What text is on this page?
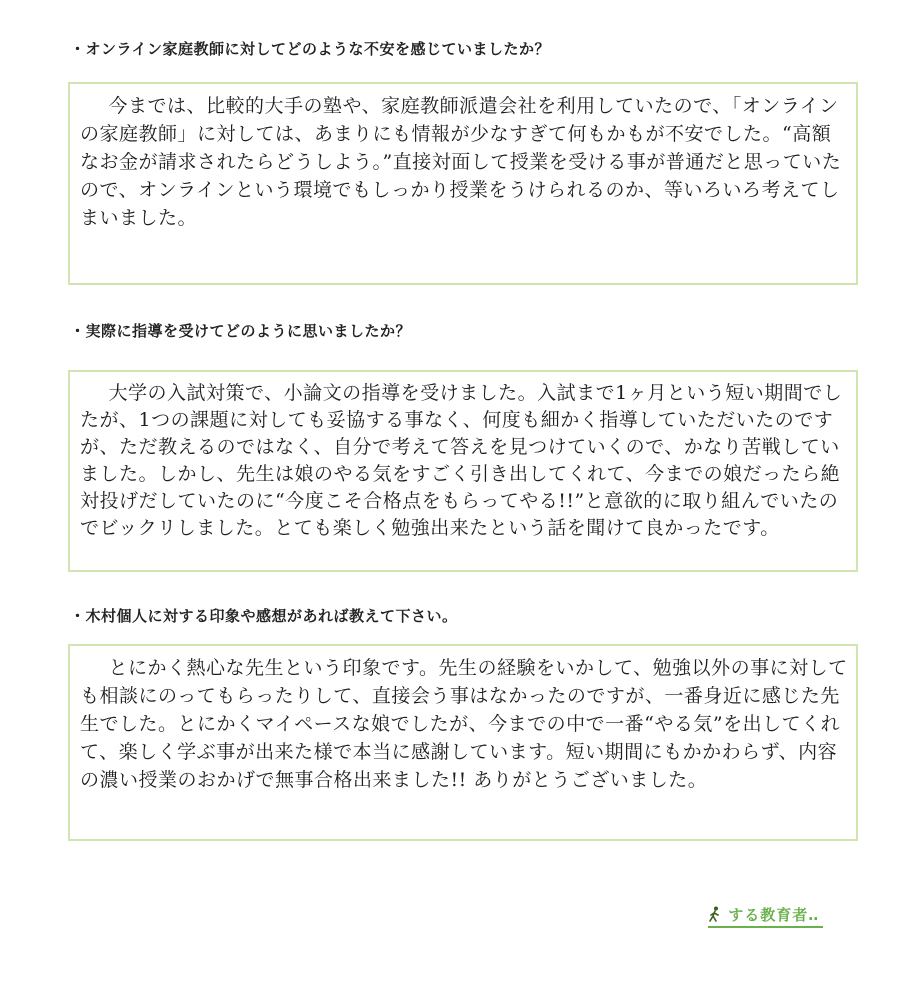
・オンライン家庭教師に対してどのような不安を感じていましたか？
今までは、比較的大手の塾や、家庭教師派遣会社を利用していたので、「オンラインの家庭教師」に対しては、あまりにも情報が少なすぎて何もかもが不安でした。“高額なお金が請求されたらどうしよう。”直接対面して授業を受ける事が普通だと思っていたので、オンラインという環境でもしっかり授業をうけられるのか、等いろいろ考えてしまいました。
・実際に指導を受けてどのように思いましたか？
大学の入試対策で、小論文の指導を受けました。入試まで1ヶ月という短い期間でしたが、1つの課題に対しても妥協する事なく、何度も細かく指導していただいたのですが、ただ教えるのではなく、自分で考えて答えを見つけていくので、かなり苦戦していました。しかし、先生は娘のやる気をすごく引き出してくれて、今までの娘だったら絶対投げだしていたのに“今度こそ合格点をもらってやる!!”と意欲的に取り組んでいたのでビックリしました。とても楽しく勉強出来たという話を聞けて良かったです。
・木村個人に対する印象や感想があれば教えて下さい。
とにかく熱心な先生という印象です。先生の経験をいかして、勉強以外の事に対しても相談にのってもらったりして、直接会う事はなかったのですが、一番身近に感じた先生でした。とにかくマイペースな娘でしたが、今までの中で一番“やる気”を出してくれて、楽しく学ぶ事が出来た様で本当に感謝しています。短い期間にもかかわらず、内容の濃い授業のおかげで無事合格出来ました!! ありがとうございました。
する教育者‥
